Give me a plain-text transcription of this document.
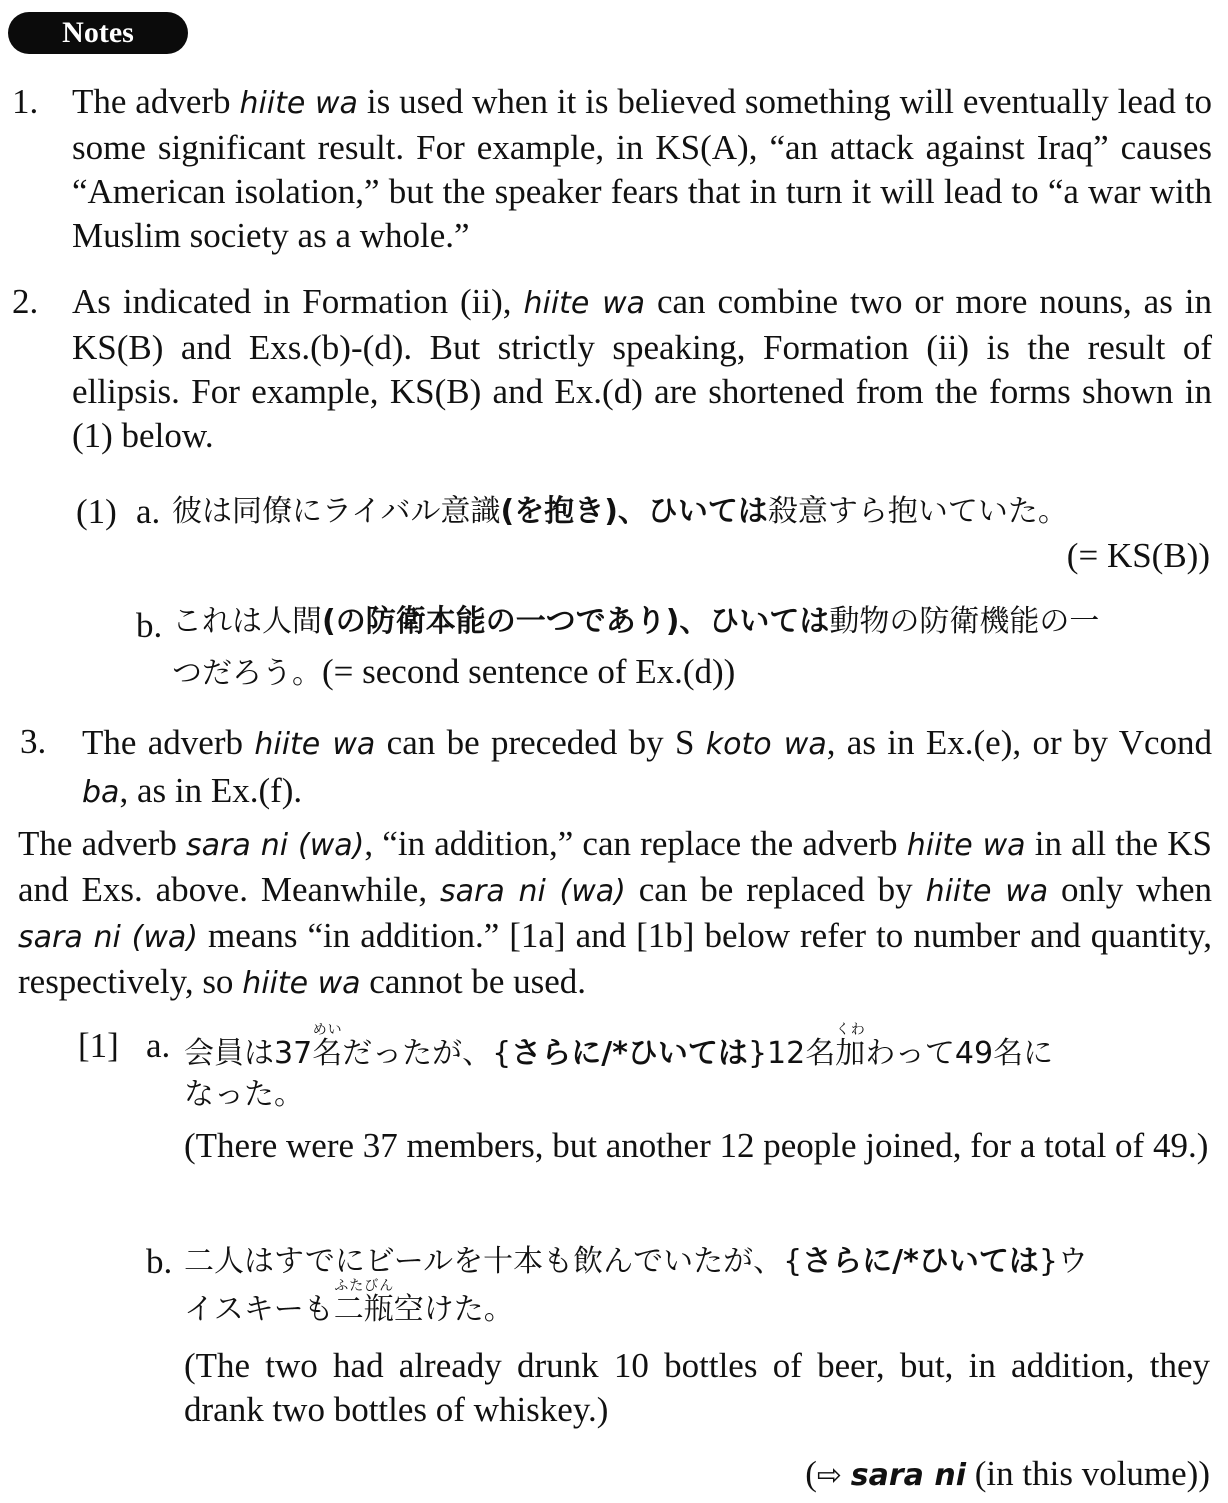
Notes
1. The adverb hiite wa is used when it is believed something will eventually lead to some significant result. For example, in KS(A), “an attack against Iraq” causes “American isolation,” but the speaker fears that in turn it will lead to “a war with Muslim society as a whole.”
2. As indicated in Formation (ii), hiite wa can combine two or more nouns, as in KS(B) and Exs.(b)-(d). But strictly speaking, Formation (ii) is the result of ellipsis. For example, KS(B) and Ex.(d) are shortened from the forms shown in (1) below.
(1) a. 彼は同僚にライバル意識(を抱き)、ひいては殺意すら抱いていた。
(= KS(B))
b. これは人間(の防衛本能の一つであり)、ひいては動物の防衛機能の一
つだろう。(= second sentence of Ex.(d))
3. The adverb hiite wa can be preceded by S koto wa, as in Ex.(e), or by Vcond ba, as in Ex.(f).
The adverb sara ni (wa), “in addition,” can replace the adverb hiite wa in all the KS and Exs. above. Meanwhile, sara ni (wa) can be replaced by hiite wa only when sara ni (wa) means “in addition.” [1a] and [1b] below refer to number and quantity, respectively, so hiite wa cannot be used.
[1] a. 会員は37名めいだったが、{さらに/*ひいては}12名加くわわって49名に
なった。
(There were 37 members, but another 12 people joined, for a total of 49.)
b. 二人はすでにビールを十本も飲んでいたが、{さらに/*ひいては}ウ
イスキーも二瓶ふたびん空けた。
(The two had already drunk 10 bottles of beer, but, in addition, they drank two bottles of whiskey.)
(⇨ sara ni (in this volume))
